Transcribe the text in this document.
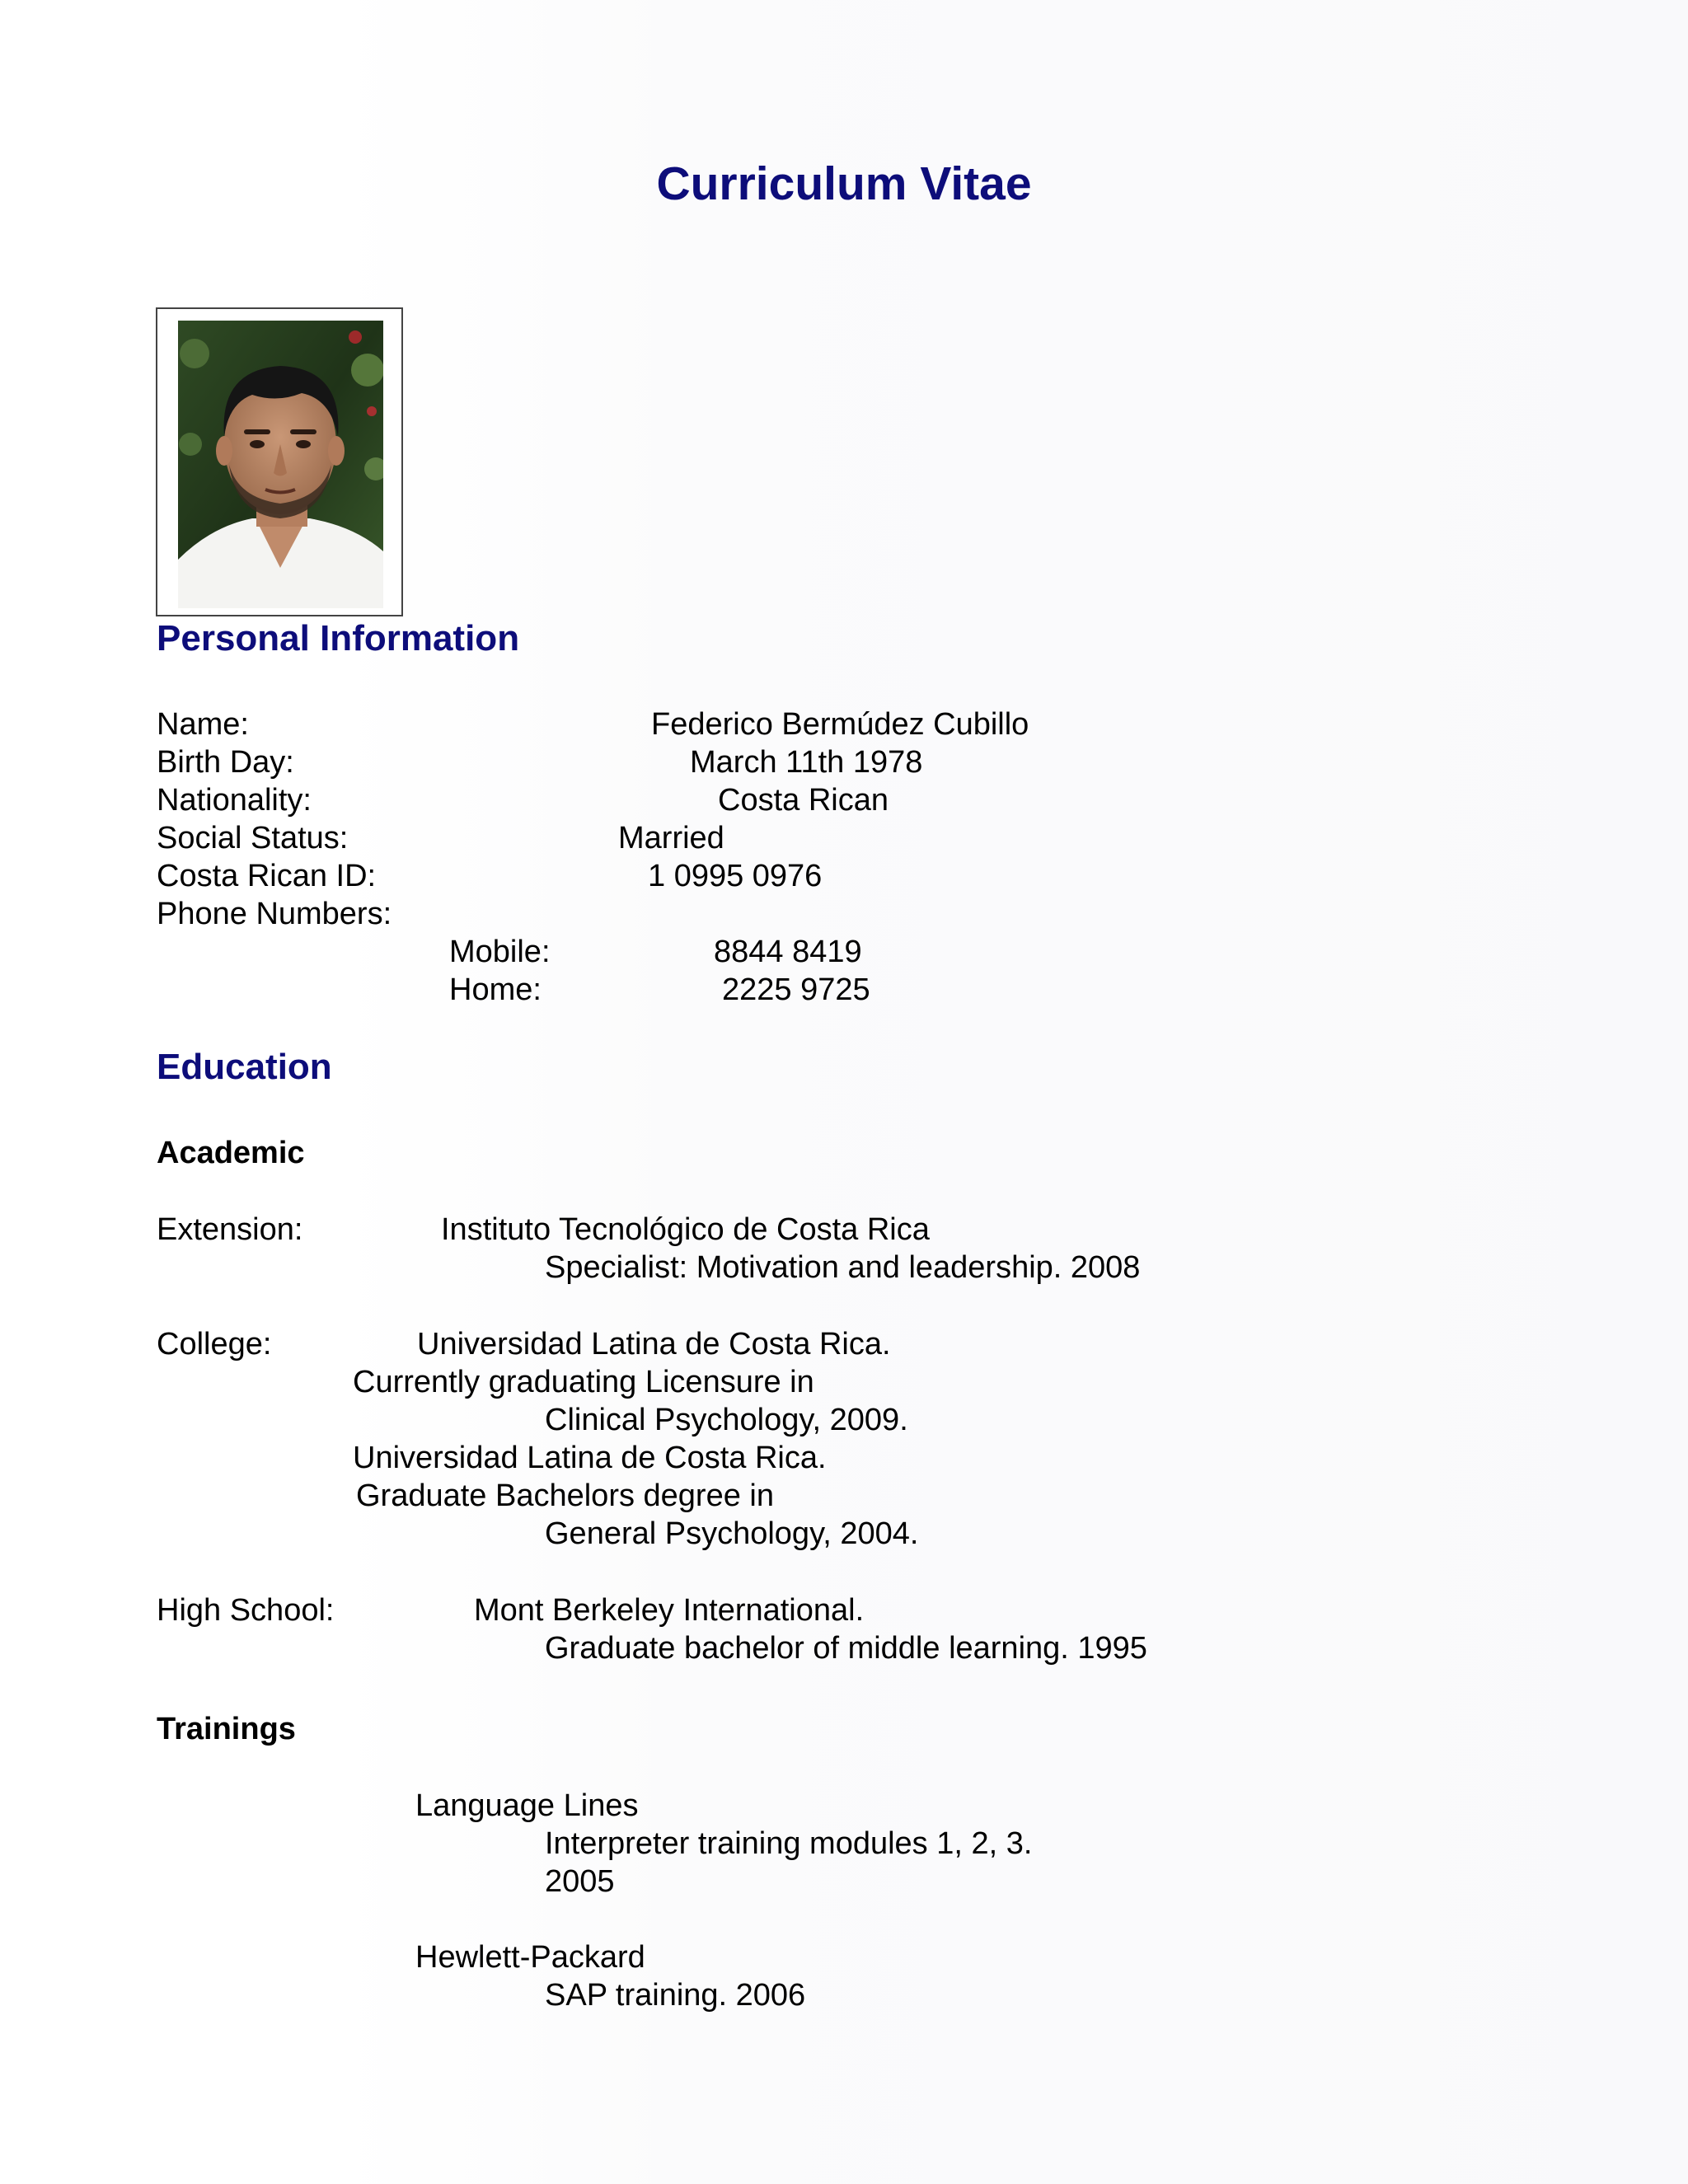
Curriculum Vitae
Personal Information
Name:	Federico Bermúdez Cubillo
Birth Day:	March 11th 1978
Nationality:	Costa Rican
Social Status:	Married
Costa Rican ID:	1 0995 0976
Phone Numbers:
Mobile:	8844 8419
Home:	2225 9725
Education
Academic
Extension:	Instituto Tecnológico de Costa Rica
Specialist: Motivation and leadership. 2008
College:	Universidad Latina de Costa Rica.
Currently graduating Licensure in
Clinical Psychology, 2009.
Universidad Latina de Costa Rica.
Graduate Bachelors degree in
General Psychology, 2004.
High School:	Mont Berkeley International.
Graduate bachelor of middle learning. 1995
Trainings
Language Lines
Interpreter training modules 1, 2, 3.
2005
Hewlett-Packard
SAP training. 2006
